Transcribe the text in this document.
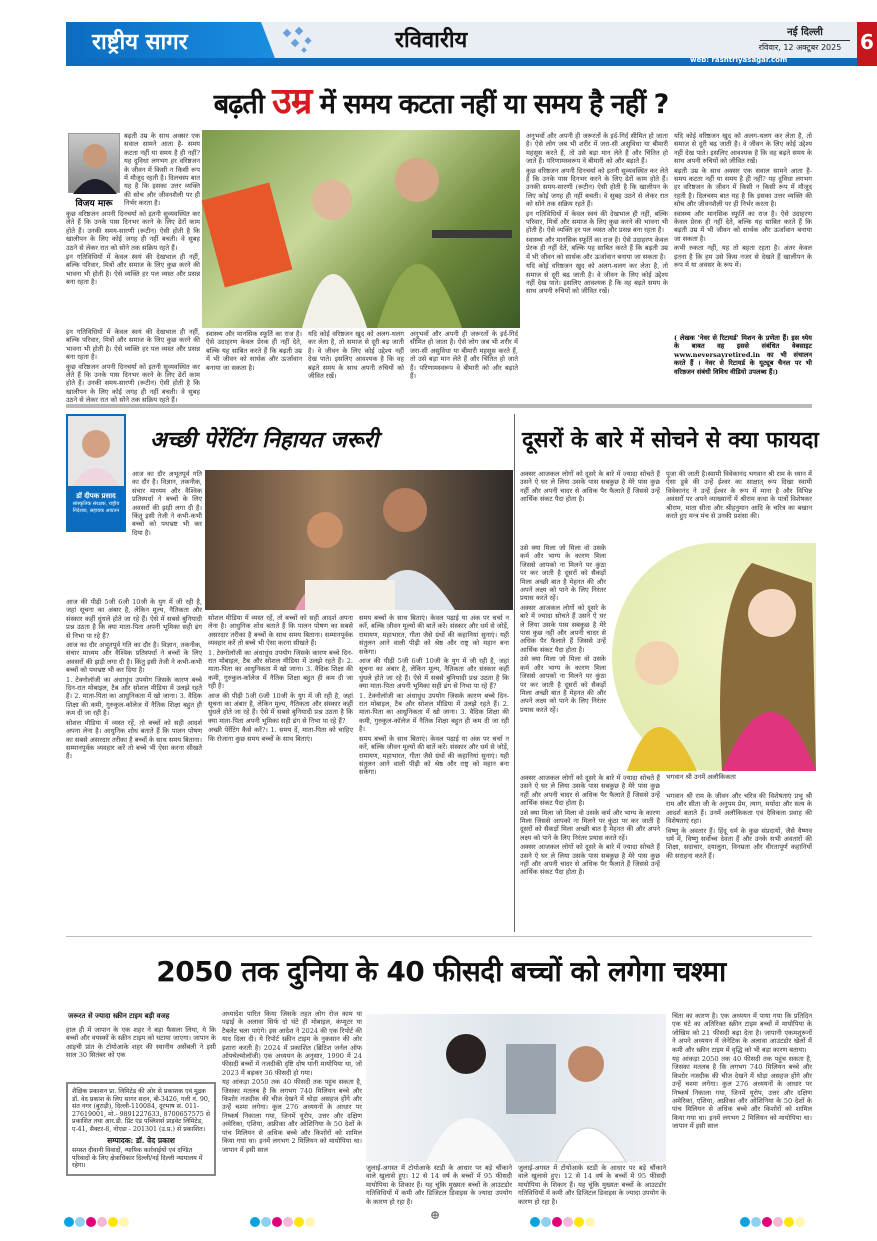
राष्ट्रीय सागर	रविवारीय	नई दिल्ली
रविवार, 12 अक्टूबर 2025
web: rashtriyasagar.com
6
बढ़ती उम्र में समय कटता नहीं या समय है नहीं ?
विजय मारू

बढ़ती उम्र के साथ अक्सर एक सवाल सामने आता है- समय कटता नहीं या समय है ही नहीं? यह दुविधा लगभग हर वरिष्ठजन के जीवन में किसी न किसी रूप में मौजूद रहती है। दिलचस्प बात यह है कि इसका उत्तर व्यक्ति की सोच और जीवनशैली पर ही निर्भर करता है।

कुछ वरिष्ठजन अपनी दिनचर्या को इतनी सुव्यवस्थित कर लेते हैं कि उनके पास दिनभर करने के लिए ढेरों काम होते हैं। उनकी समय-सारणी (रूटीन) ऐसी होती है कि खालीपन के लिए कोई जगह ही नहीं बचती। वे सुबह उठने से लेकर रात को सोने तक सक्रिय रहते हैं।

इन गतिविधियों में केवल स्वयं की देखभाल ही नहीं, बल्कि परिवार, मित्रों और समाज के लिए कुछ करने की भावना भी होती है। ऐसे व्यक्ति हर पल व्यस्त और प्रसन्न बना रहता है।

इन गतिविधियों में केवल स्वयं की देखभाल ही नहीं, बल्कि परिवार, मित्रों और समाज के लिए कुछ करने की भावना भी होती है। ऐसे व्यक्ति हर पल व्यस्त और प्रसन्न बना रहता है।

कुछ वरिष्ठजन अपनी दिनचर्या को इतनी सुव्यवस्थित कर लेते हैं कि उनके पास दिनभर करने के लिए ढेरों काम होते हैं। उनकी समय-सारणी (रूटीन) ऐसी होती है कि खालीपन के लिए कोई जगह ही नहीं बचती। वे सुबह उठने से लेकर रात को सोने तक सक्रिय रहते हैं।

स्वास्थ्य और मानसिक स्फूर्ति का राज है। ऐसे उदाहरण केवल प्रेरक ही नहीं देते, बल्कि यह साबित करते हैं कि बढ़ती उम्र में भी जीवन को सार्थक और ऊर्जावान बनाया जा सकता है।

यदि कोई वरिष्ठजन खुद को अलग-थलग कर लेता है, तो समाज से दूरी बढ़ जाती है। वे जीवन के लिए कोई उद्देश्य नहीं देख पाते। इसलिए आवश्यक है कि वह बढ़ते समय के साथ अपनी रुचियों को जीवित रखें।

अनुभवों और अपनी ही जरूरतों के इर्द-गिर्द सीमित हो जाता है। ऐसे लोग जब भी शरीर में जरा-सी असुविधा या बीमारी महसूस करते हैं, तो उसे बड़ा मान लेते हैं और चिंतित हो जाते हैं। परिणामस्वरूप वे बीमारी को और बढ़ाते हैं।

अनुभवों और अपनी ही जरूरतों के इर्द-गिर्द सीमित हो जाता है। ऐसे लोग जब भी शरीर में जरा-सी असुविधा या बीमारी महसूस करते हैं, तो उसे बड़ा मान लेते हैं और चिंतित हो जाते हैं। परिणामस्वरूप वे बीमारी को और बढ़ाते हैं।

कुछ वरिष्ठजन अपनी दिनचर्या को इतनी सुव्यवस्थित कर लेते हैं कि उनके पास दिनभर करने के लिए ढेरों काम होते हैं। उनकी समय-सारणी (रूटीन) ऐसी होती है कि खालीपन के लिए कोई जगह ही नहीं बचती। वे सुबह उठने से लेकर रात को सोने तक सक्रिय रहते हैं।

इन गतिविधियों में केवल स्वयं की देखभाल ही नहीं, बल्कि परिवार, मित्रों और समाज के लिए कुछ करने की भावना भी होती है। ऐसे व्यक्ति हर पल व्यस्त और प्रसन्न बना रहता है।

स्वास्थ्य और मानसिक स्फूर्ति का राज है। ऐसे उदाहरण केवल प्रेरक ही नहीं देते, बल्कि यह साबित करते हैं कि बढ़ती उम्र में भी जीवन को सार्थक और ऊर्जावान बनाया जा सकता है।

यदि कोई वरिष्ठजन खुद को अलग-थलग कर लेता है, तो समाज से दूरी बढ़ जाती है। वे जीवन के लिए कोई उद्देश्य नहीं देख पाते। इसलिए आवश्यक है कि वह बढ़ते समय के साथ अपनी रुचियों को जीवित रखें।

यदि कोई वरिष्ठजन खुद को अलग-थलग कर लेता है, तो समाज से दूरी बढ़ जाती है। वे जीवन के लिए कोई उद्देश्य नहीं देख पाते। इसलिए आवश्यक है कि वह बढ़ते समय के साथ अपनी रुचियों को जीवित रखें।

बढ़ती उम्र के साथ अक्सर एक सवाल सामने आता है- समय कटता नहीं या समय है ही नहीं? यह दुविधा लगभग हर वरिष्ठजन के जीवन में किसी न किसी रूप में मौजूद रहती है। दिलचस्प बात यह है कि इसका उत्तर व्यक्ति की सोच और जीवनशैली पर ही निर्भर करता है।

स्वास्थ्य और मानसिक स्फूर्ति का राज है। ऐसे उदाहरण केवल प्रेरक ही नहीं देते, बल्कि यह साबित करते हैं कि बढ़ती उम्र में भी जीवन को सार्थक और ऊर्जावान बनाया जा सकता है।

कभी रुकता नहीं, यह तो बहता रहता है। अंतर केवल इतना है कि हम उसे किस नजर से देखते हैं खालीपन के रूप में या अवसर के रूप में।

( लेखक 'नेवर से रिटायर्ड' मिशन के प्रणेता हैं। इस ध्येय के बाबत वह इससे संबंधित वेबसाइट www.neversayretired.in का भी संचालन करते हैं । नेवर से रिटायर्ड के यूट्यूब चैनल पर भी वरिष्ठजन संबंधी विविध वीडियो उपलब्ध हैं।)
डॉ दीपक प्रसाद
सांस्कृतिक संरक्षक, राष्ट्रीय निदेशक, सहायक आयतन
अच्छी पेरेंटिंग निहायत जरूरी

आज का दौर अभूतपूर्व गति का दौर है। विज्ञान, तकनीक, संचार माध्यम और वैश्विक प्रतिस्पर्धा ने बच्चों के लिए अवसरों की झड़ी लगा दी है। किंतु इसी तेजी ने कभी-कभी बच्चों को पथभ्रष्ट भी कर दिया है।

आज की पीढ़ी 5जी 6जी 10जी के युग में जी रही है, जहां सूचना का अंबार है, लेकिन मूल्य, नैतिकता और संस्कार कहीं धुंधले होते जा रहे हैं। ऐसे में सबसे बुनियादी प्रश्न उठता है कि क्या माता-पिता अपनी भूमिका सही ढंग से निभा पा रहे हैं?

आज का दौर अभूतपूर्व गति का दौर है। विज्ञान, तकनीक, संचार माध्यम और वैश्विक प्रतिस्पर्धा ने बच्चों के लिए अवसरों की झड़ी लगा दी है। किंतु इसी तेजी ने कभी-कभी बच्चों को पथभ्रष्ट भी कर दिया है।

1. टेक्नोलॉजी का अंधाधुंध उपयोग जिसके कारण बच्चे दिन-रात मोबाइल, टैब और सोशल मीडिया में उलझे रहते हैं। 2. माता-पिता का आधुनिकता में खो जाना। 3. वैदिक शिक्षा की कमी, गुरुकुल-कॉलेज में नैतिक शिक्षा बहुत ही कम दी जा रही है।

सोशल मीडिया में व्यस्त रहें, तो बच्चों को सही आदर्श अपना लेना है। आधुनिक शोध बताते हैं कि पालन पोषण का सबसे असरदार तरीका है बच्चों के साथ समय बिताना। सम्मानपूर्वक व्यवहार करें तो बच्चे भी ऐसा करना सीखते हैं।

सोशल मीडिया में व्यस्त रहें, तो बच्चों को सही आदर्श अपना लेना है। आधुनिक शोध बताते हैं कि पालन पोषण का सबसे असरदार तरीका है बच्चों के साथ समय बिताना। सम्मानपूर्वक व्यवहार करें तो बच्चे भी ऐसा करना सीखते हैं।

1. टेक्नोलॉजी का अंधाधुंध उपयोग जिसके कारण बच्चे दिन-रात मोबाइल, टैब और सोशल मीडिया में उलझे रहते हैं। 2. माता-पिता का आधुनिकता में खो जाना। 3. वैदिक शिक्षा की कमी, गुरुकुल-कॉलेज में नैतिक शिक्षा बहुत ही कम दी जा रही है।

आज की पीढ़ी 5जी 6जी 10जी के युग में जी रही है, जहां सूचना का अंबार है, लेकिन मूल्य, नैतिकता और संस्कार कहीं धुंधले होते जा रहे हैं। ऐसे में सबसे बुनियादी प्रश्न उठता है कि क्या माता-पिता अपनी भूमिका सही ढंग से निभा पा रहे हैं?

अच्छी पेरेंटिंग कैसे करें?। 1. समय दें, माता-पिता को चाहिए कि रोजाना कुछ समय बच्चों के साथ बिताएं।

समय बच्चों के साथ बिताएं। केवल पढ़ाई या अंक पर चर्चा न करें, बल्कि जीवन मूल्यों की बातें करें। संस्कार और धर्म से जोड़ें, रामायण, महाभारत, गीता जैसे ग्रंथों की कहानियां सुनाएं। यही संतुलन आने वाली पीढ़ी को श्रेष्ठ और राष्ट्र को महान बना सकेगा।

आज की पीढ़ी 5जी 6जी 10जी के युग में जी रही है, जहां सूचना का अंबार है, लेकिन मूल्य, नैतिकता और संस्कार कहीं धुंधले होते जा रहे हैं। ऐसे में सबसे बुनियादी प्रश्न उठता है कि क्या माता-पिता अपनी भूमिका सही ढंग से निभा पा रहे हैं?

1. टेक्नोलॉजी का अंधाधुंध उपयोग जिसके कारण बच्चे दिन-रात मोबाइल, टैब और सोशल मीडिया में उलझे रहते हैं। 2. माता-पिता का आधुनिकता में खो जाना। 3. वैदिक शिक्षा की कमी, गुरुकुल-कॉलेज में नैतिक शिक्षा बहुत ही कम दी जा रही है।

समय बच्चों के साथ बिताएं। केवल पढ़ाई या अंक पर चर्चा न करें, बल्कि जीवन मूल्यों की बातें करें। संस्कार और धर्म से जोड़ें, रामायण, महाभारत, गीता जैसे ग्रंथों की कहानियां सुनाएं। यही संतुलन आने वाली पीढ़ी को श्रेष्ठ और राष्ट्र को महान बना सकेगा।

दूसरों के बारे में सोचने से क्या फायदा

अक्सर आजकल लोगों को दूसरे के बारे में ज्यादा सोचते हैं उसने ऐ घर ले लिया उसके पास सबकुछ है मेरे पास कुछ नहीं और अपनी चादर से अधिक पैर फैलाते हैं जिससे उन्हें आर्थिक संकट पैदा होता है।

उसे क्या मिला जो मिला वो उसके कर्म और भाग्य के कारण मिला जिससे आपको ना मिलने पर कुंठा पर कर जाती है दूसरों को सैकड़ों मिला अच्छी बात है मेहनत की और अपने लक्ष्य को पाने के लिए निरंतर प्रयास करते रहें।

अक्सर आजकल लोगों को दूसरे के बारे में ज्यादा सोचते हैं उसने ऐ घर ले लिया उसके पास सबकुछ है मेरे पास कुछ नहीं और अपनी चादर से अधिक पैर फैलाते हैं जिससे उन्हें आर्थिक संकट पैदा होता है।

उसे क्या मिला जो मिला वो उसके कर्म और भाग्य के कारण मिला जिससे आपको ना मिलने पर कुंठा पर कर जाती है दूसरों को सैकड़ों मिला अच्छी बात है मेहनत की और अपने लक्ष्य को पाने के लिए निरंतर प्रयास करते रहें।

अक्सर आजकल लोगों को दूसरे के बारे में ज्यादा सोचते हैं उसने ऐ घर ले लिया उसके पास सबकुछ है मेरे पास कुछ नहीं और अपनी चादर से अधिक पैर फैलाते हैं जिससे उन्हें आर्थिक संकट पैदा होता है।

उसे क्या मिला जो मिला वो उसके कर्म और भाग्य के कारण मिला जिससे आपको ना मिलने पर कुंठा पर कर जाती है दूसरों को सैकड़ों मिला अच्छी बात है मेहनत की और अपने लक्ष्य को पाने के लिए निरंतर प्रयास करते रहें।

अक्सर आजकल लोगों को दूसरे के बारे में ज्यादा सोचते हैं उसने ऐ घर ले लिया उसके पास सबकुछ है मेरे पास कुछ नहीं और अपनी चादर से अधिक पैर फैलाते हैं जिससे उन्हें आर्थिक संकट पैदा होता है।

पूजा की जाती है।स्वामी विवेकानंद भगवान श्री राम के ध्यान में ऐसा डूबे की उन्हें ईश्वर का साक्षात् रूप दिखा स्वामी विवेकानंद ने उन्हें ईश्वर के रूप में माना है और विभिन्न अवसरों पर अपने व्याख्यानों में श्रीराम कथा के पात्रों विशेषकर श्रीराम, माता सीता और श्रीहनुमान आदि के चरित्र का बखान करते हुए मन्त्र मंच से उनकी प्रशंसा की।

भगवान श्री उनमें अलौकिकता

भगवान श्री राम के जीवन और चरित्र की विशेषताएं प्रभु श्री राम और सीता जी के अनुपम प्रेम, त्याग, मर्यादा और सत्य के आदर्श बताते हैं। उनमें अलौकिकता एवं दैविकता प्रवाह की विशेषताएं रहा।

विष्णु के अवतार हैं। हिंदू धर्म के कुछ संप्रदायों, जैसे वैष्णव धर्म में, विष्णु सर्वोच्च देवता हैं और उनके सभी अवतारों की शिक्षा, सदाचार, दयालुता, विनम्रता और वीरतापूर्ण कहानियों की सराहना करते हैं।

2050 तक दुनिया के 40 फीसदी बच्चों को लगेगा चश्मा
जरूरत से ज्यादा स्क्रीन टाइम बड़ी वजह

हाल ही में जापान के एक शहर ने बड़ा फैसला लिया, ये कि बच्चों और वयस्कों के स्क्रीन टाइम को घटाया जाएगा। जापान के आइची प्रांत के टोयोआके शहर की स्थानीय असेंबली ने इसी साल 30 सितंबर को एक

अध्यादेश पारित किया जिसके तहत लोग रोज काम या पढ़ाई के अलावा सिर्फ दो घंटे ही मोबाइल, कंप्यूटर या टैबलेट चला पाएंगे। इस आदेश ने 2024 की एक रिपोर्ट की याद दिला दी। ये रिपोर्ट स्क्रीन टाइम के नुकसान की ओर इशारा करती है। 2024 में प्रकाशित (ब्रिटिश जर्नल ऑफ ऑफ्थेल्मोलॉजी) एक अध्ययन के अनुसार, 1990 में 24 फीसदी बच्चों में नजदीकी दृष्टि दोष यानी मायोपिया था, जो 2023 में बढ़कर 36 फीसदी हो गया।

यह आंकड़ा 2050 तक 40 फीसदी तक पहुंच सकता है, जिसका मतलब है कि लगभग 740 मिलियन बच्चे और किशोर नजदीक की चीज देखने में थोड़ा असहज होंगे और उन्हें चश्मा लगेगा। कुल 276 अध्ययनों के आधार पर निष्कर्ष निकाला गया, जिनमें यूरोप, उत्तर और दक्षिण अमेरिका, एशिया, अफ्रीका और ओशिनिया के 50 देशों के पांच मिलियन से अधिक बच्चे और किशोरों को शामिल किया गया था। इनमें लगभग 2 मिलियन को मायोपिया था। जापान में इसी साल

शैक्षिक प्रकाशन प्रा. लिमिटेड की ओर से प्रकाशक एवं मुद्रक डॉ. वेद प्रकाश के लिए सागर सदन, बी-3426, गली नं. 90, संत नगर (बुराड़ी), दिल्ली-110084, दूरभाष सं. 011-27619001, मो.- 9891227633, 8700657575 से प्रकाशित तथा आर.डी. प्रिंट एंड पब्लिशर्स प्राइवेट लिमिटेड, ए-41, सैक्टर-8, नोएडा - 201301 (उ.प्र.) से प्रकाशित।

सम्पादक: डॉ. वेद प्रकाश

समस्त दीवानी विवादों, न्यायिक कार्रवाईयों एवं दण्डित परिवादों के लिए क्षेत्राधिकार दिल्ली/नई दिल्ली न्यायालय में रहेगा।	जुलाई-अगस्त में टोयोआके स्टडी के आधार पर बड़े चौंकाने वाले खुलासे हुए। 12 से 14 वर्ष के बच्चों में 95 फीसदी मायोपिया के शिकार हैं। यह चूंकि मुख्यतः बच्चों के आउटडोर गतिविधियों में कमी और डिजिटल डिवाइस के ज्यादा उपयोग के कारण हो रहा है।

जुलाई-अगस्त में टोयोआके स्टडी के आधार पर बड़े चौंकाने वाले खुलासे हुए। 12 से 14 वर्ष के बच्चों में 95 फीसदी मायोपिया के शिकार हैं। यह चूंकि मुख्यतः बच्चों के आउटडोर गतिविधियों में कमी और डिजिटल डिवाइस के ज्यादा उपयोग के कारण हो रहा है।

चिंता का कारण है। एक अध्ययन में पाया गया कि प्रतिदिन एक घंटे का अतिरिक्त स्क्रीन टाइम बच्चों में मायोपिया के जोखिम को 21 फीसदी बढ़ा देता है। जापानी एकमशुरूनों ने अपने अध्ययन में जेनेटिक के अलावा आउटडोर खेलों में कमी और स्क्रीन टाइम में वृद्धि को भी बड़ा कारण बताया।

यह आंकड़ा 2050 तक 40 फीसदी तक पहुंच सकता है, जिसका मतलब है कि लगभग 740 मिलियन बच्चे और किशोर नजदीक की चीज देखने में थोड़ा असहज होंगे और उन्हें चश्मा लगेगा। कुल 276 अध्ययनों के आधार पर निष्कर्ष निकाला गया, जिनमें यूरोप, उत्तर और दक्षिण अमेरिका, एशिया, अफ्रीका और ओशिनिया के 50 देशों के पांच मिलियन से अधिक बच्चे और किशोरों को शामिल किया गया था। इनमें लगभग 2 मिलियन को मायोपिया था। जापान में इसी साल

⊕
